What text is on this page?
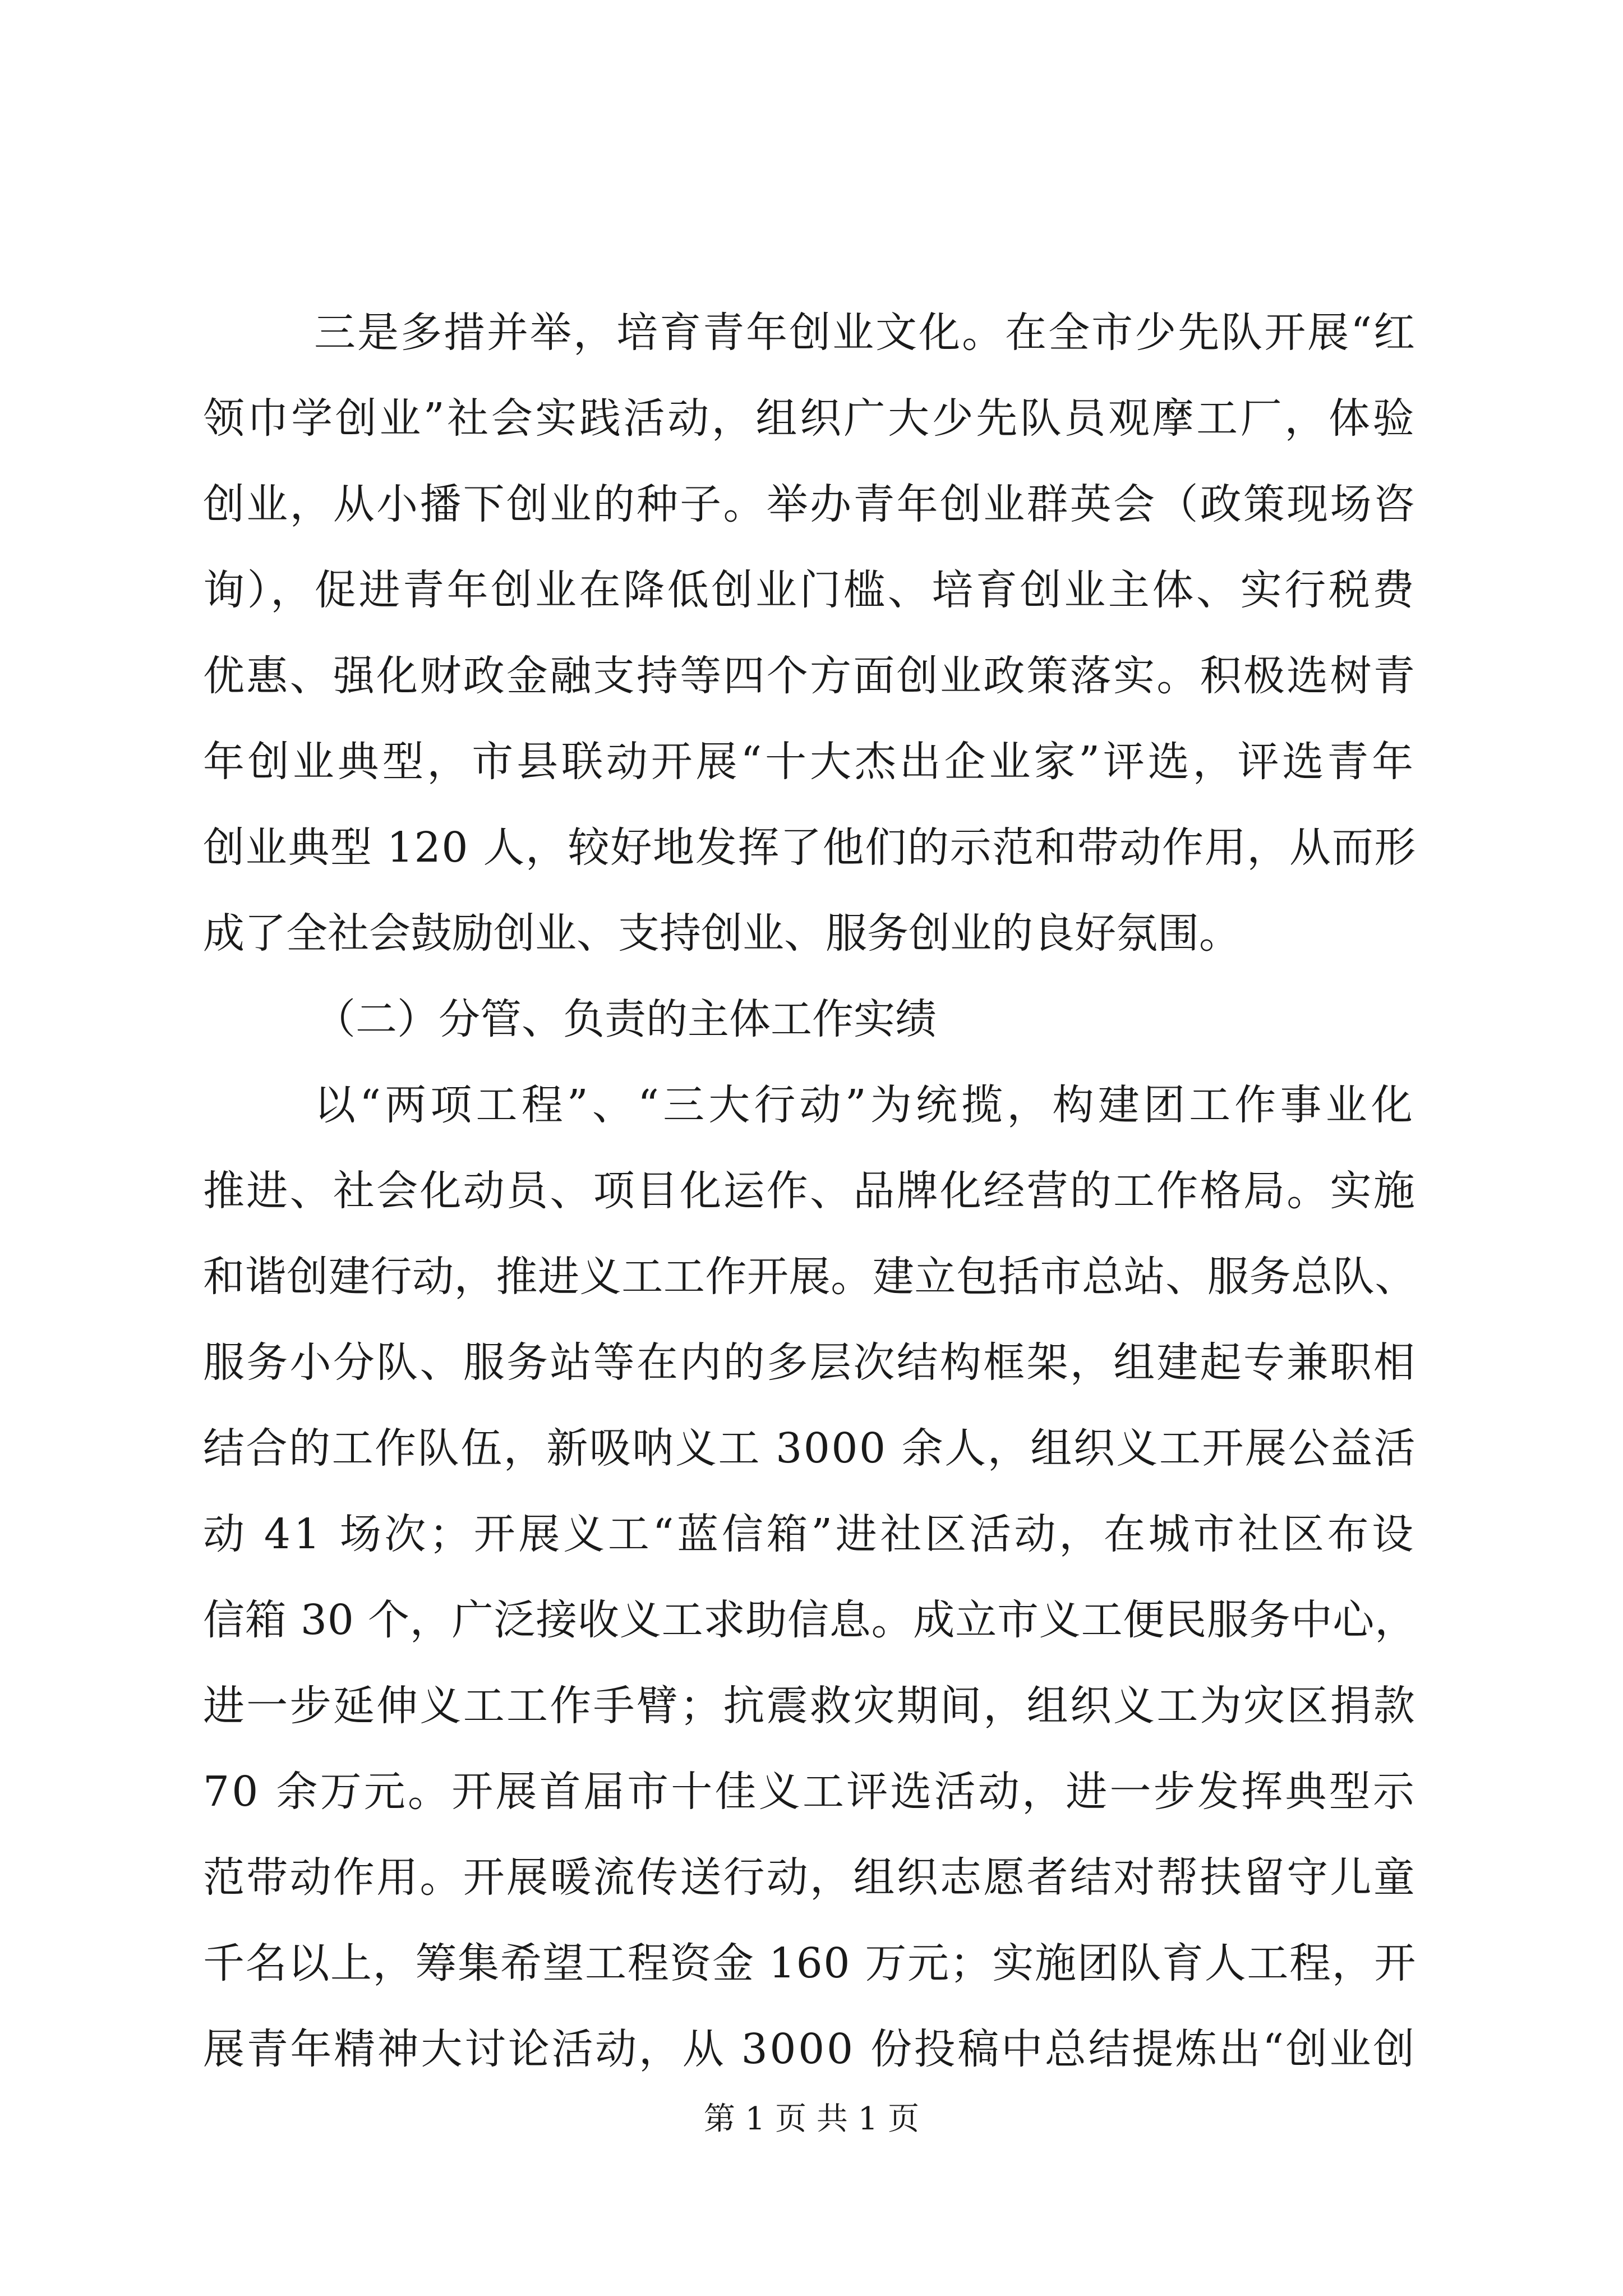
三是多措并举，培育青年创业文化。在全市少先队开展“红
领巾学创业”社会实践活动，组织广大少先队员观摩工厂，体验
创业，从小播下创业的种子。举办青年创业群英会（政策现场咨
询），促进青年创业在降低创业门槛、培育创业主体、实行税费
优惠、强化财政金融支持等四个方面创业政策落实。积极选树青
年创业典型，市县联动开展“十大杰出企业家”评选，评选青年
创业典型 120 人，较好地发挥了他们的示范和带动作用，从而形
成了全社会鼓励创业、支持创业、服务创业的良好氛围。
（二）分管、负责的主体工作实绩
以“两项工程”、“三大行动”为统揽，构建团工作事业化
推进、社会化动员、项目化运作、品牌化经营的工作格局。实施
和谐创建行动，推进义工工作开展。建立包括市总站、服务总队、
服务小分队、服务站等在内的多层次结构框架，组建起专兼职相
结合的工作队伍，新吸呐义工 3000 余人，组织义工开展公益活
动 41 场次；开展义工“蓝信箱”进社区活动，在城市社区布设
信箱 30 个，广泛接收义工求助信息。成立市义工便民服务中心，
进一步延伸义工工作手臂；抗震救灾期间，组织义工为灾区捐款
70 余万元。开展首届市十佳义工评选活动，进一步发挥典型示
范带动作用。开展暖流传送行动，组织志愿者结对帮扶留守儿童
千名以上，筹集希望工程资金 160 万元；实施团队育人工程，开
展青年精神大讨论活动，从 3000 份投稿中总结提炼出“创业创
第 1 页 共 1 页
